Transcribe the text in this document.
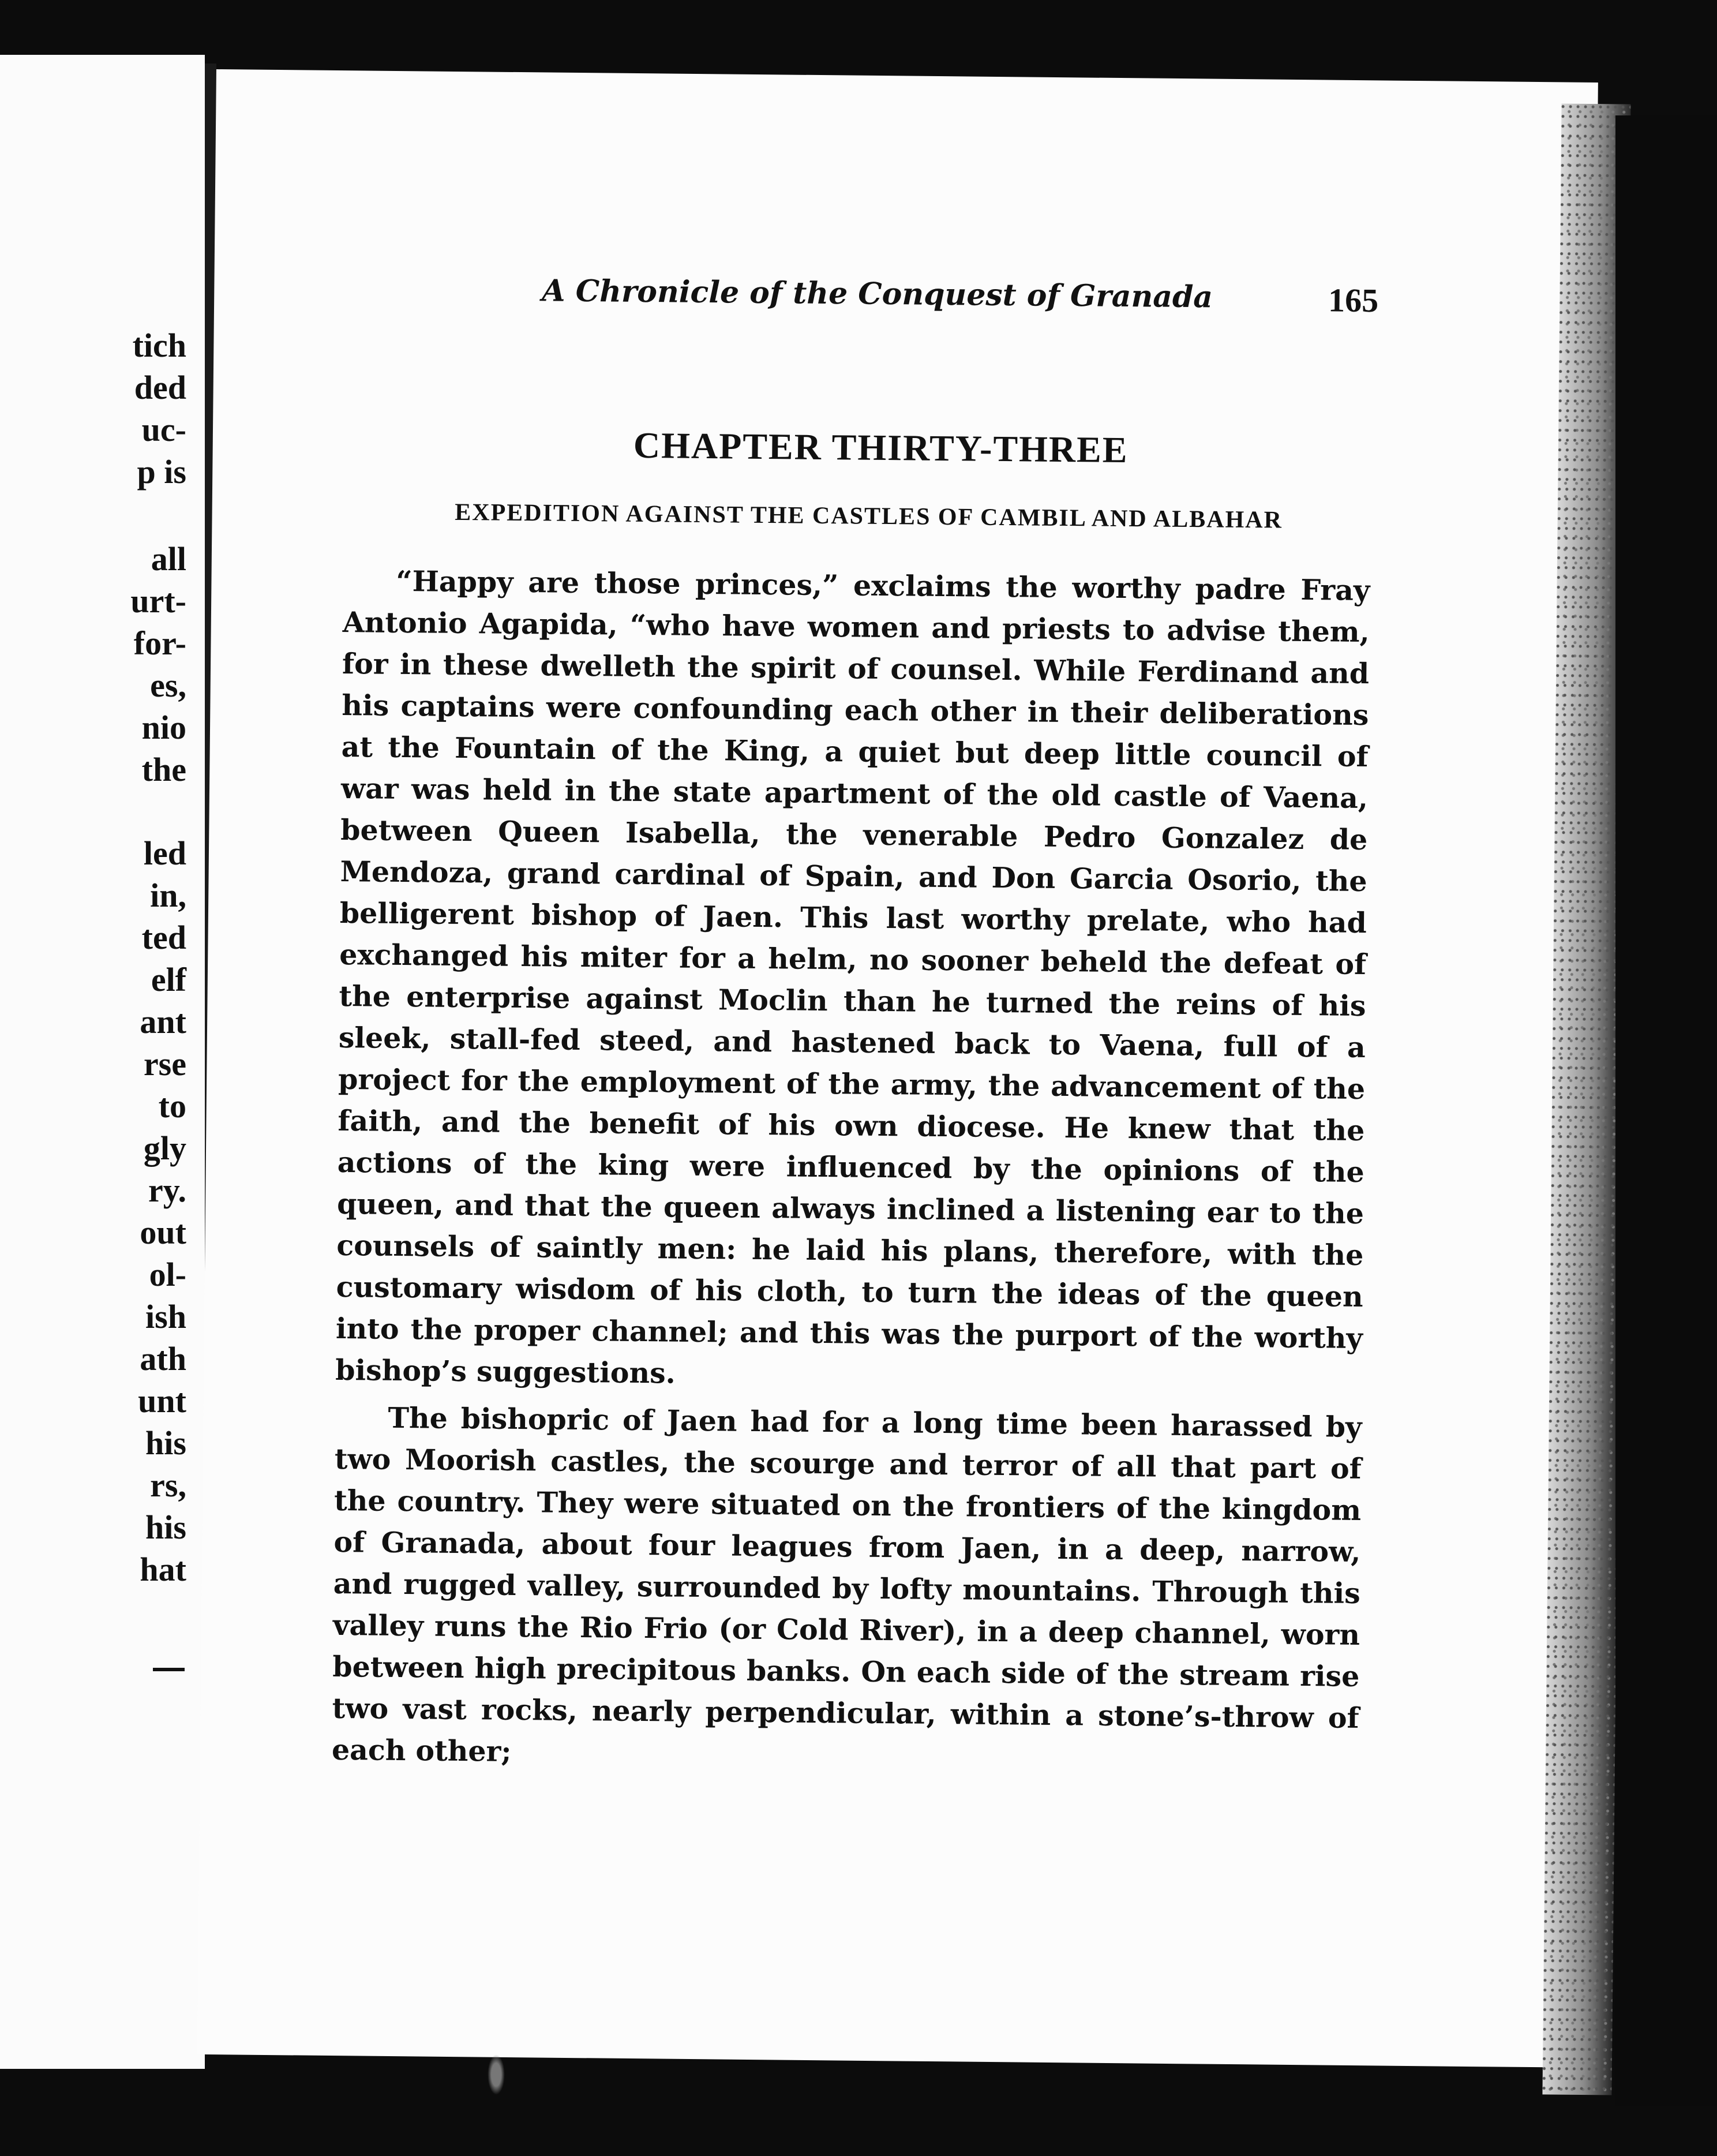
tich
ded
uc-
p is
all
urt-
for-
es,
nio
the
led
in,
ted
elf
ant
rse
to
gly
ry.
out
ol-
ish
ath
unt
his
rs,
his
hat
A Chronicle of the Conquest of Granada	165
CHAPTER THIRTY-THREE
EXPEDITION AGAINST THE CASTLES OF CAMBIL AND ALBAHAR

“Happy are those princes,” exclaims the worthy padre Fray Antonio Agapida, “who have women and priests to advise them, for in these dwelleth the spirit of counsel. While Ferdinand and his captains were confounding each other in their deliberations at the Fountain of the King, a quiet but deep little council of war was held in the state apartment of the old castle of Vaena, between Queen Isabella, the venerable Pedro Gonzalez de Mendoza, grand cardinal of Spain, and Don Garcia Osorio, the belligerent bishop of Jaen. This last worthy prelate, who had exchanged his miter for a helm, no sooner beheld the defeat of the enterprise against Moclin than he turned the reins of his sleek, stall-fed steed, and hastened back to Vaena, full of a project for the employment of the army, the advancement of the faith, and the benefit of his own diocese. He knew that the actions of the king were influenced by the opinions of the queen, and that the queen always inclined a listening ear to the counsels of saintly men: he laid his plans, therefore, with the customary wisdom of his cloth, to turn the ideas of the queen into the proper channel; and this was the purport of the worthy bishop’s suggestions.

The bishopric of Jaen had for a long time been harassed by two Moorish castles, the scourge and terror of all that part of the country. They were situated on the frontiers of the kingdom of Granada, about four leagues from Jaen, in a deep, narrow, and rugged valley, surrounded by lofty mountains. Through this valley runs the Rio Frio (or Cold River), in a deep channel, worn between high precipitous banks. On each side of the stream rise two vast rocks, nearly perpendicular, within a stone’s-throw of each other;
